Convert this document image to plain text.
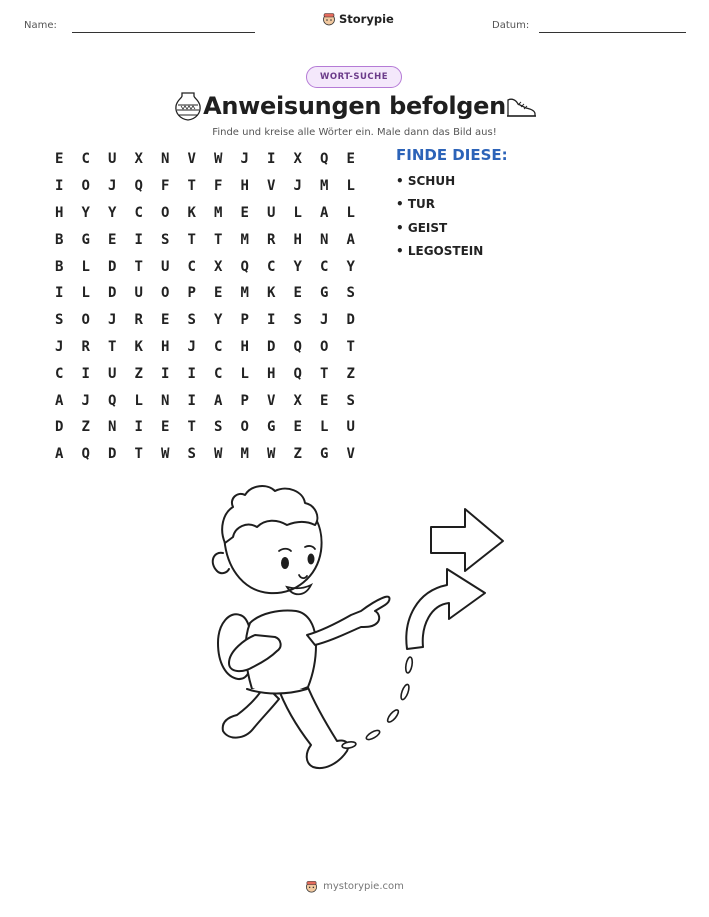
Name:	Storypie	Datum:
WORT-SUCHE
Anweisungen befolgen
Finde und kreise alle Wörter ein. Male dann das Bild aus!
E	C	U	X	N	V	W	J	I	X	Q	E
I	O	J	Q	F	T	F	H	V	J	M	L
H	Y	Y	C	O	K	M	E	U	L	A	L
B	G	E	I	S	T	T	M	R	H	N	A
B	L	D	T	U	C	X	Q	C	Y	C	Y
I	L	D	U	O	P	E	M	K	E	G	S
S	O	J	R	E	S	Y	P	I	S	J	D
J	R	T	K	H	J	C	H	D	Q	O	T
C	I	U	Z	I	I	C	L	H	Q	T	Z
A	J	Q	L	N	I	A	P	V	X	E	S
D	Z	N	I	E	T	S	O	G	E	L	U
A	Q	D	T	W	S	W	M	W	Z	G	V
FINDE DIESE:
• SCHUH
• TUR
• GEIST
• LEGOSTEIN
mystorypie.com
